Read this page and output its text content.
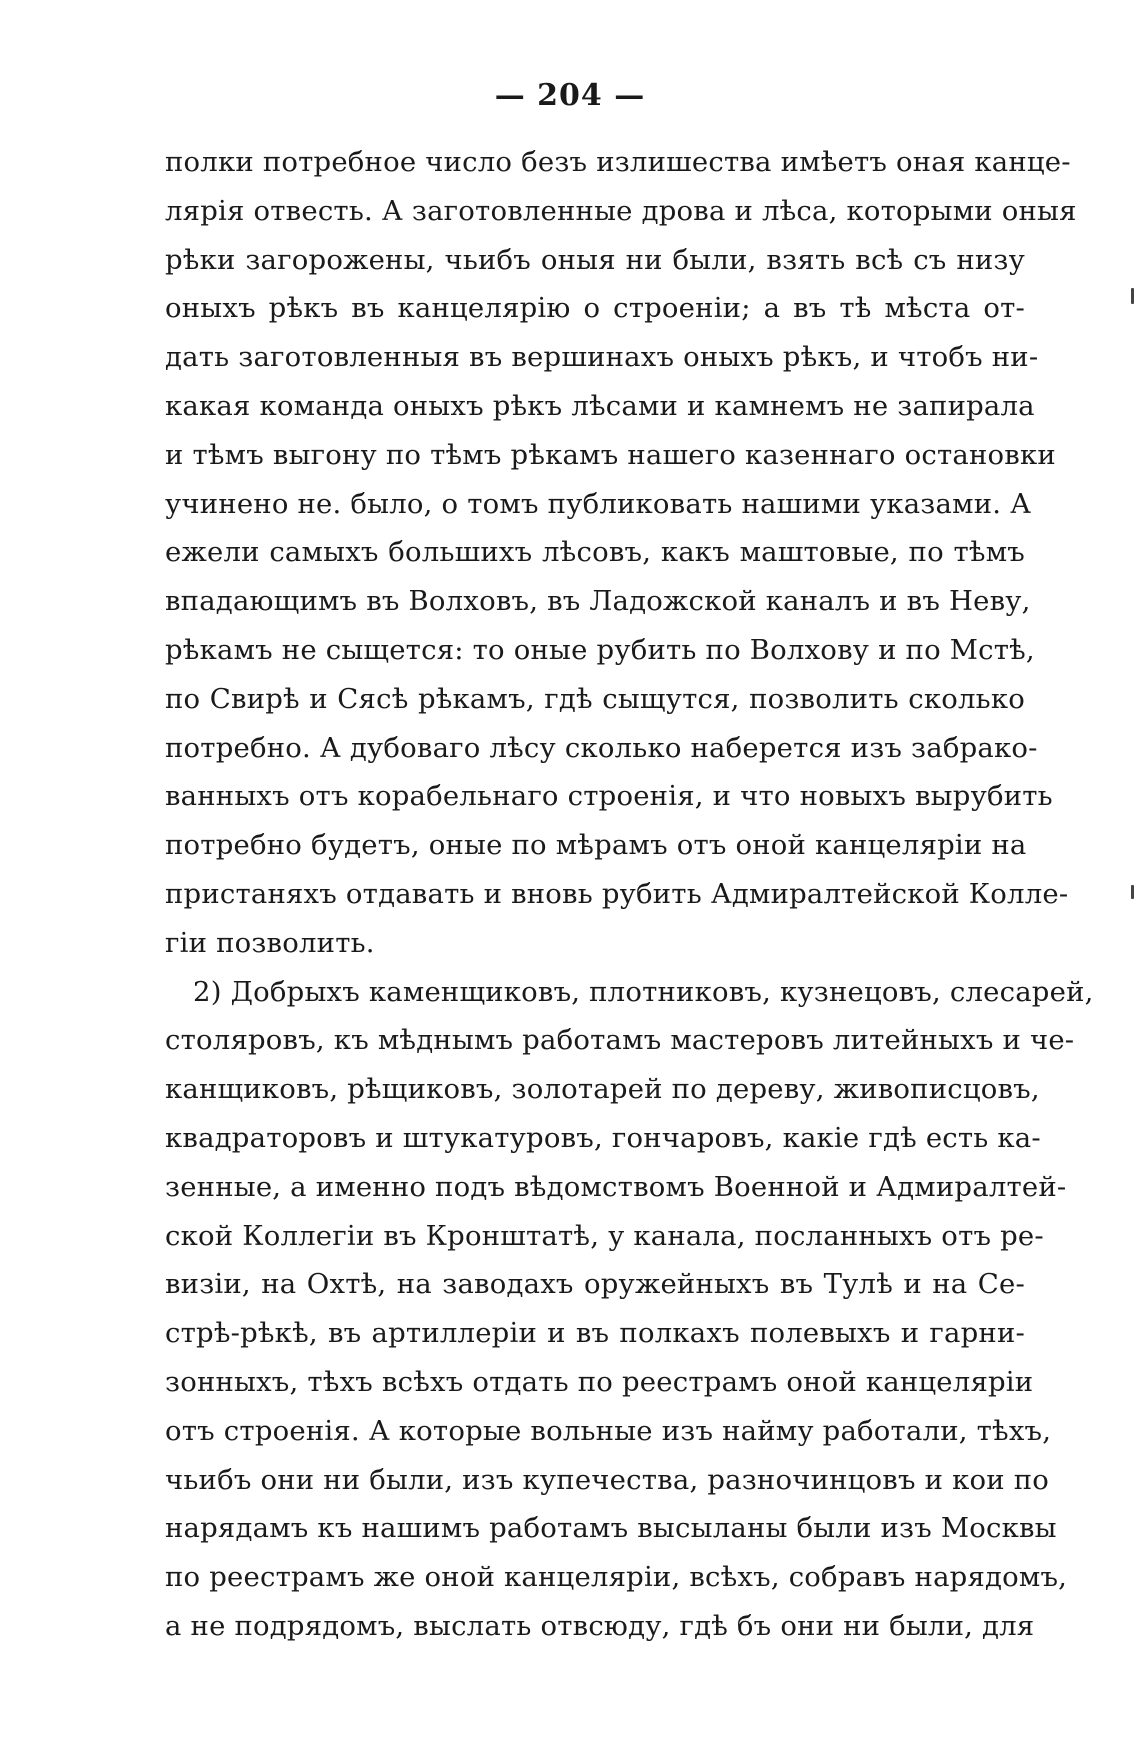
— 204 —
полки потребное число безъ излишества имѣетъ оная канце-
лярія отвесть. А заготовленные дрова и лѣса, которыми оныя
рѣки загорожены, чьибъ оныя ни были, взять всѣ съ низу
оныхъ рѣкъ въ канцелярію о строеніи; а въ тѣ мѣста от-
дать заготовленныя въ вершинахъ оныхъ рѣкъ, и чтобъ ни-
какая команда оныхъ рѣкъ лѣсами и камнемъ не запирала
и тѣмъ выгону по тѣмъ рѣкамъ нашего казеннаго остановки
учинено не. было, о томъ публиковать нашими указами. А
ежели самыхъ большихъ лѣсовъ, какъ маштовые, по тѣмъ
впадающимъ въ Волховъ, въ Ладожской каналъ и въ Неву,
рѣкамъ не сыщется: то оные рубить по Волхову и по Мстѣ,
по Свирѣ и Сясѣ рѣкамъ, гдѣ сыщутся, позволить сколько
потребно. А дубоваго лѣсу сколько наберется изъ забрако-
ванныхъ отъ корабельнаго строенія, и что новыхъ вырубить
потребно будетъ, оные по мѣрамъ отъ оной канцеляріи на
пристаняхъ отдавать и вновь рубить Адмиралтейской Колле-
гіи позволить.
2) Добрыхъ каменщиковъ, плотниковъ, кузнецовъ, слесарей,
столяровъ, къ мѣднымъ работамъ мастеровъ литейныхъ и че-
канщиковъ, рѣщиковъ, золотарей по дереву, живописцовъ,
квадраторовъ и штукатуровъ, гончаровъ, какіе гдѣ есть ка-
зенные, а именно подъ вѣдомствомъ Военной и Адмиралтей-
ской Коллегіи въ Кронштатѣ, у канала, посланныхъ отъ ре-
визіи, на Охтѣ, на заводахъ оружейныхъ въ Тулѣ и на Се-
стрѣ-рѣкѣ, въ артиллеріи и въ полкахъ полевыхъ и гарни-
зонныхъ, тѣхъ всѣхъ отдать по реестрамъ оной канцеляріи
отъ строенія. А которые вольные изъ найму работали, тѣхъ,
чьибъ они ни были, изъ купечества, разночинцовъ и кои по
нарядамъ къ нашимъ работамъ высыланы были изъ Москвы
по реестрамъ же оной канцеляріи, всѣхъ, собравъ нарядомъ,
а не подрядомъ, выслать отвсюду, гдѣ бъ они ни были, для
